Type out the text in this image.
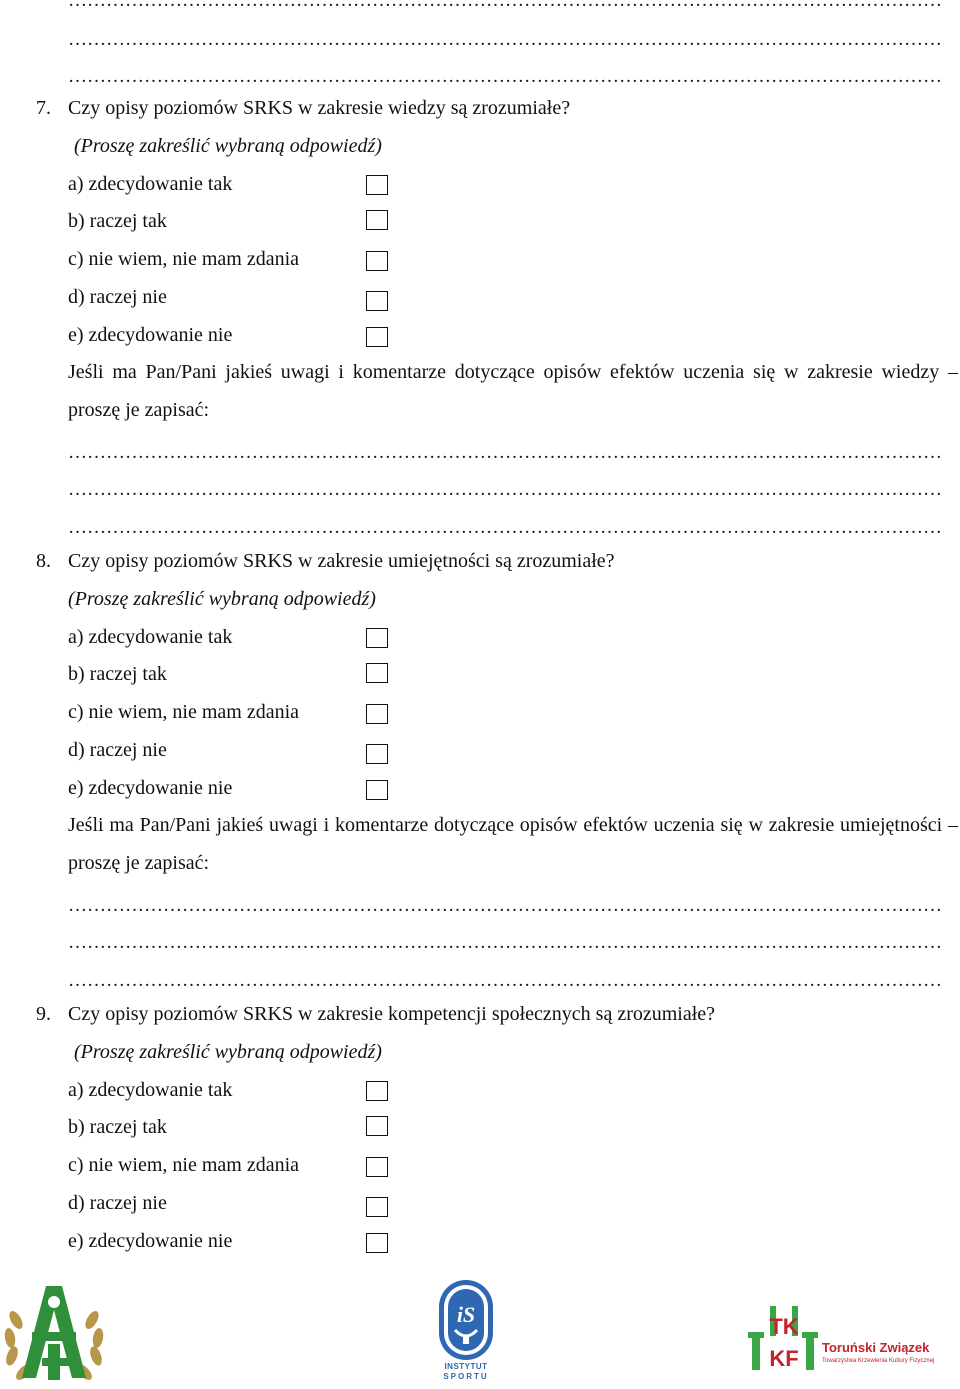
…………………………………………………………………………………………………………………………
…………………………………………………………………………………………………………………………
7. Czy opisy poziomów SRKS w zakresie wiedzy są zrozumiałe?
(Proszę zakreślić wybraną odpowiedź)
a) zdecydowanie tak
b) raczej tak
c) nie wiem, nie mam zdania
d) raczej nie
e) zdecydowanie nie
Jeśli ma Pan/Pani jakieś uwagi i komentarze dotyczące opisów efektów uczenia się w zakresie wiedzy – proszę je zapisać:
…………………………………………………………………………………………………………………………
…………………………………………………………………………………………………………………………
…………………………………………………………………………………………………………………………
8. Czy opisy poziomów SRKS w zakresie umiejętności są zrozumiałe?
(Proszę zakreślić wybraną odpowiedź)
a) zdecydowanie tak
b) raczej tak
c) nie wiem, nie mam zdania
d) raczej nie
e) zdecydowanie nie
Jeśli ma Pan/Pani jakieś uwagi i komentarze dotyczące opisów efektów uczenia się w zakresie umiejętności – proszę je zapisać:
…………………………………………………………………………………………………………………………
…………………………………………………………………………………………………………………………
…………………………………………………………………………………………………………………………
9. Czy opisy poziomów SRKS w zakresie kompetencji społecznych są zrozumiałe?
(Proszę zakreślić wybraną odpowiedź)
a) zdecydowanie tak
b) raczej tak
c) nie wiem, nie mam zdania
d) raczej nie
e) zdecydowanie nie
iS
INSTYTUT
SPORTU
TK
KF Toruński Związek
Towarzystwa Krzewienia Kultury Fizycznej
